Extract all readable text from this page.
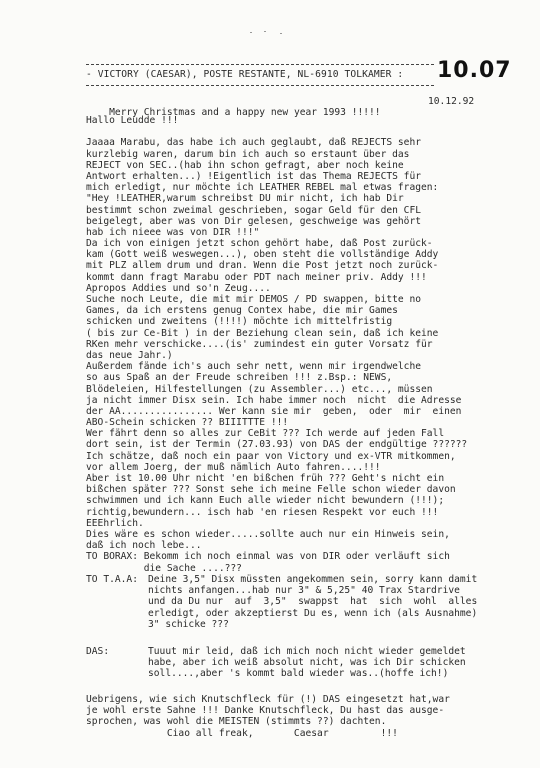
- VICTORY (CAESAR), POSTE RESTANTE, NL-6910 TOLKAMER : 10.07

Merry Christmas and a happy new year 1993 !!!!!

10.12.92

Hallo Leudde !!!
Jaaaa Marabu, das habe ich auch geglaubt, daß REJECTS sehr
kurzlebig waren, darum bin ich auch so erstaunt über das
REJECT von SEC..(hab ihn schon gefragt, aber noch keine
Antwort erhalten...) !Eigentlich ist das Thema REJECTS für
mich erledigt, nur möchte ich LEATHER REBEL mal etwas fragen:
"Hey !LEATHER,warum schreibst DU mir nicht, ich hab Dir
bestimmt schon zweimal geschrieben, sogar Geld für den CFL
beigelegt, aber was von Dir gelesen, geschweige was gehört
hab ich nieee was von DIR !!!"
Da ich von einigen jetzt schon gehört habe, daß Post zurück-
kam (Gott weiß weswegen...), oben steht die vollständige Addy
mit PLZ allem drum und dran. Wenn die Post jetzt noch zurück-
kommt dann fragt Marabu oder PDT nach meiner priv. Addy !!!
Apropos Addies und so'n Zeug....
Suche noch Leute, die mit mir DEMOS / PD swappen, bitte no
Games, da ich erstens genug Contex habe, die mir Games
schicken und zweitens (!!!!) möchte ich mittelfristig
( bis zur Ce-Bit ) in der Beziehung clean sein, daß ich keine
RKen mehr verschicke....(is' zumindest ein guter Vorsatz für
das neue Jahr.)
Außerdem fände ich's auch sehr nett, wenn mir irgendwelche
so aus Spaß an der Freude schreiben !!! z.Bsp.: NEWS,
Blödeleien, Hilfestellungen (zu Assembler...) etc..., müssen
ja nicht immer Disx sein. Ich habe immer noch  nicht  die Adresse
der AA................ Wer kann sie mir  geben,  oder  mir  einen
ABO-Schein schicken ?? BIIITTTE !!!
Wer fährt denn so alles zur CeBit ??? Ich werde auf jeden Fall
dort sein, ist der Termin (27.03.93) von DAS der endgültige ??????
Ich schätze, daß noch ein paar von Victory und ex-VTR mitkommen,
vor allem Joerg, der muß nämlich Auto fahren....!!!
Aber ist 10.00 Uhr nicht 'en bißchen früh ??? Geht's nicht ein
bißchen später ??? Sonst sehe ich meine Felle schon wieder davon
schwimmen und ich kann Euch alle wieder nicht bewundern (!!!);
richtig,bewundern... isch hab 'en riesen Respekt vor euch !!!
EEEhrlich.
Dies wäre es schon wieder.....sollte auch nur ein Hinweis sein,
daß ich noch lebe...
TO BORAX: Bekomm ich noch einmal was von DIR oder verläuft sich
die Sache ....???
TO T.A.A: Deine 3,5" Disx müssten angekommen sein, sorry kann damit
nichts anfangen...hab nur 3" & 5,25" 40 Trax Stardrive
und da Du nur  auf  3,5"  swappst  hat  sich  wohl  alles
erledigt, oder akzeptierst Du es, wenn ich (als Ausnahme)
3" schicke ???
DAS:	Tuuut mir leid, daß ich mich noch nicht wieder gemeldet
habe, aber ich weiß absolut nicht, was ich Dir schicken
soll....,aber 's kommt bald wieder was..(hoffe ich!)
Uebrigens, wie sich Knutschfleck für (!) DAS eingesetzt hat,war
je wohl erste Sahne !!! Danke Knutschfleck, Du hast das ausge-
sprochen, was wohl die MEISTEN (stimmts ??) dachten.
Ciao all freak,       Caesar         !!!
